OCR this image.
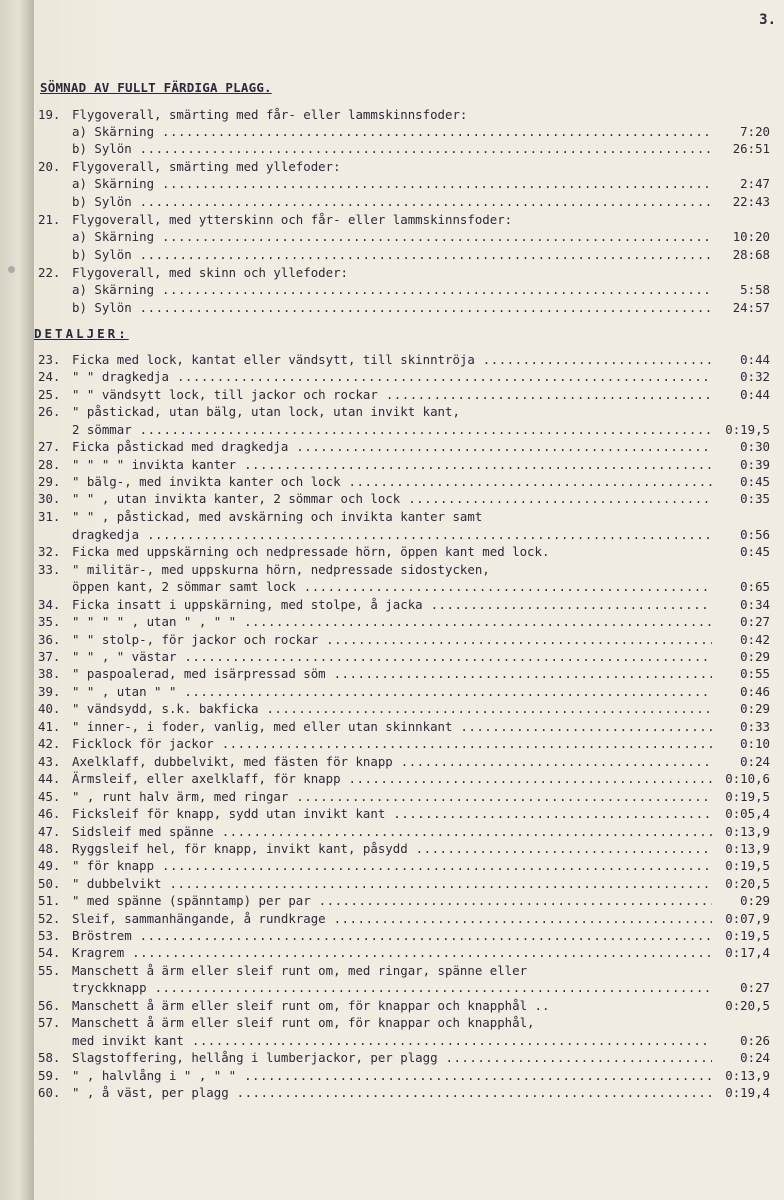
3.
SÖMNAD AV FULLT FÄRDIGA PLAGG.
DETALJER:
19. Flygoverall, smärting med får- eller lammskinnsfoder:
a) Skärning .....	7:20
b) Sylön .....	26:51
20. Flygoverall, smärting med yllefoder:
a) Skärning .....	2:47
b) Sylön .....	22:43
21. Flygoverall, med ytterskinn och får- eller lammskinnsfoder:
a) Skärning .....	10:20
b) Sylön .....	28:68
22. Flygoverall, med skinn och yllefoder:
a) Skärning .....	5:58
b) Sylön .....	24:57
23. Ficka med lock, kantat eller vändsytt, till skinntröja .....	0:44
24. " " dragkedja .....	0:32
25. " " vändsytt lock, till jackor och rockar .....	0:44
26. " påstickad, utan bälg, utan lock, utan invikt kant,
2 sömmar .....	0:19,5
27. Ficka påstickad med dragkedja .....	0:30
28. " " " " invikta kanter .....	0:39
29. " bälg-, med invikta kanter och lock .....	0:45
30. " " , utan invikta kanter, 2 sömmar och lock .....	0:35
31. " " , påstickad, med avskärning och invikta kanter samt
dragkedja .....	0:56
32. Ficka med uppskärning och nedpressade hörn, öppen kant med lock.	0:45
33. " militär-, med uppskurna hörn, nedpressade sidostycken,
öppen kant, 2 sömmar samt lock .....	0:65
34. Ficka insatt i uppskärning, med stolpe, å jacka .....	0:34
35. " " " " , utan " , " " .....	0:27
36. " " stolp-, för jackor och rockar .....	0:42
37. " " , " västar .....	0:29
38. " paspoalerad, med isärpressad söm .....	0:55
39. " " , utan " " .....	0:46
40. " vändsydd, s.k. bakficka .....	0:29
41. " inner-, i foder, vanlig, med eller utan skinnkant .....	0:33
42. Ficklock för jackor .....	0:10
43. Axelklaff, dubbelvikt, med fästen för knapp .....	0:24
44. Ärmsleif, eller axelklaff, för knapp .....	0:10,6
45. " , runt halv ärm, med ringar .....	0:19,5
46. Ficksleif för knapp, sydd utan invikt kant .....	0:05,4
47. Sidsleif med spänne .....	0:13,9
48. Ryggsleif hel, för knapp, invikt kant, påsydd .....	0:13,9
49. " för knapp .....	0:19,5
50. " dubbelvikt .....	0:20,5
51. " med spänne (spänntamp) per par .....	0:29
52. Sleif, sammanhängande, å rundkrage .....	0:07,9
53. Bröstrem .....	0:19,5
54. Kragrem .....	0:17,4
55. Manschett å ärm eller sleif runt om, med ringar, spänne eller
tryckknapp .....	0:27
56. Manschett å ärm eller sleif runt om, för knappar och knapphål ..	0:20,5
57. Manschett å ärm eller sleif runt om, för knappar och knapphål,
med invikt kant .....	0:26
58. Slagstoffering, hellång i lumberjackor, per plagg .....	0:24
59. " , halvlång i " , " " .....	0:13,9
60. " , å väst, per plagg .....	0:19,4
